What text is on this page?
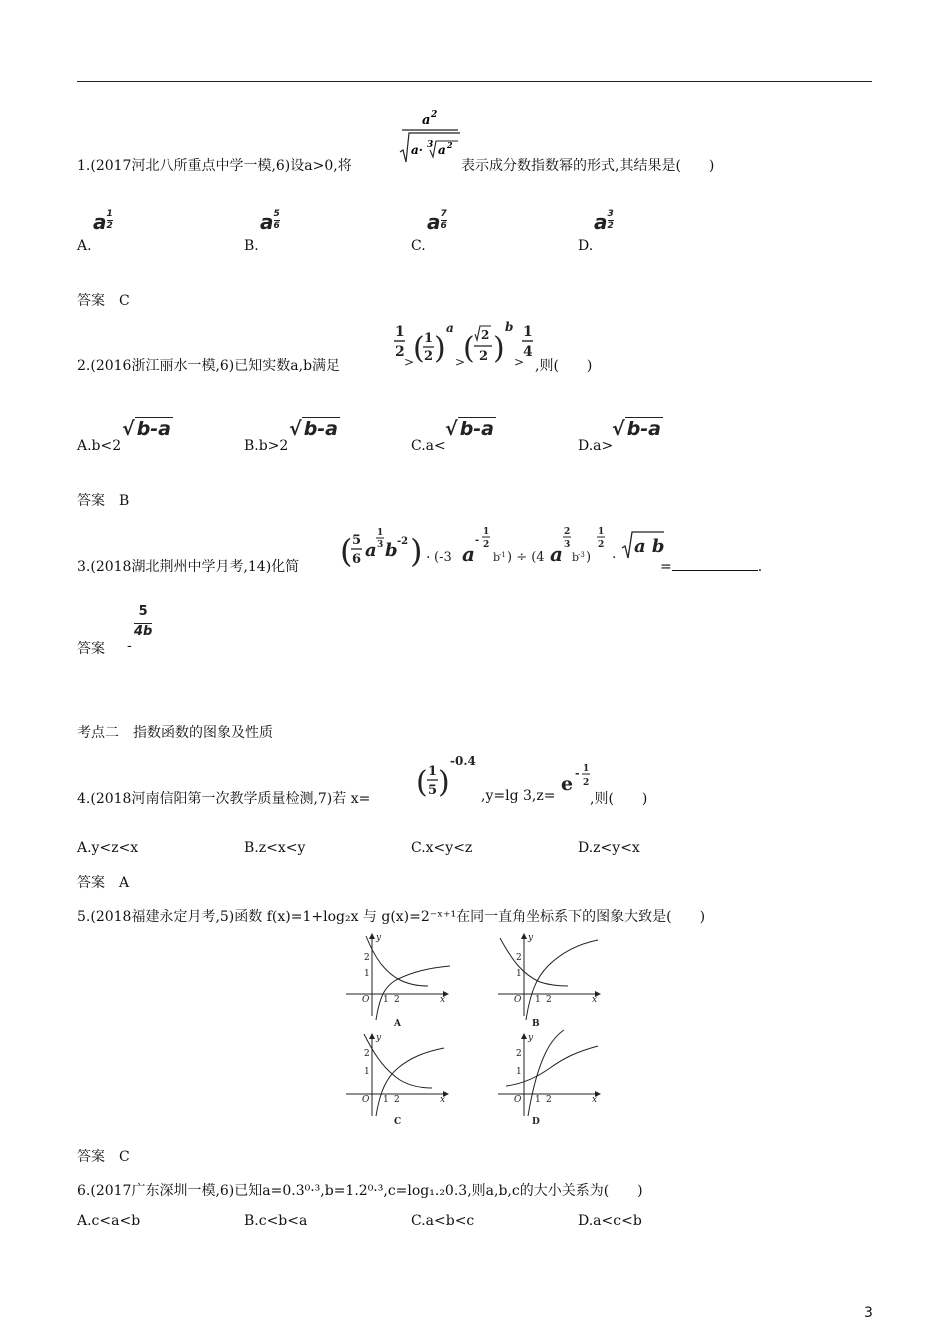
a 2
a· 3 a 2
1.(2017河北八所重点中学一模,6)设a>0,将	表示成分数指数幂的形式,其结果是(　　)
A.
a $\frac{1}{2}$
B.
a $\frac{5}{6}$
C.
a $\frac{7}{6}$
D.
a $\frac{3}{2}$
答案　C
2.(2016浙江丽水一模,6)已知实数a,b满足
1
2
>
( 1
2 )
a
>
( 2
2 )
b
>
1
4
,则(　　)
A.b<2
√ b-a
B.b>2
√ b-a
C.a<
√ b-a
D.a>
√ b-a
答案　B
3.(2018湖北荆州中学月考,14)化简 ( 5
6 a
1
3 b -2 ) · (-3 a
-
1
2
b
-1 ) ÷ (4 a
2
3
b
-3 )
1
2
·
a b
=	.
答案　 -
$\frac{5}{4b}$
考点二　指数函数的图象及性质
4.(2018河南信阳第一次教学质量检测,7)若 x= ( 1
5 )
-0.4
,y=lg 3,z=
e - 1
2
,则(　　)
A.y<z<x	B.z<x<y	C.x<y<z	D.z<y<x
答案　A
5.(2018福建永定月考,5)函数 f(x)=1+log₂x 与 g(x)=2⁻ˣ⁺¹在同一直角坐标系下的图象大致是(　　)
y
x
O
2
1
1 2
A
y
x
O
2
1
1 2
B
y
x
O
2
1
1 2
C
y
x
O
2
1
1 2
D
答案　C
6.(2017广东深圳一模,6)已知a=0.3⁰·³,b=1.2⁰·³,c=log₁.₂0.3,则a,b,c的大小关系为(　　)
A.c<a<b	B.c<b<a	C.a<b<c	D.a<c<b
3
